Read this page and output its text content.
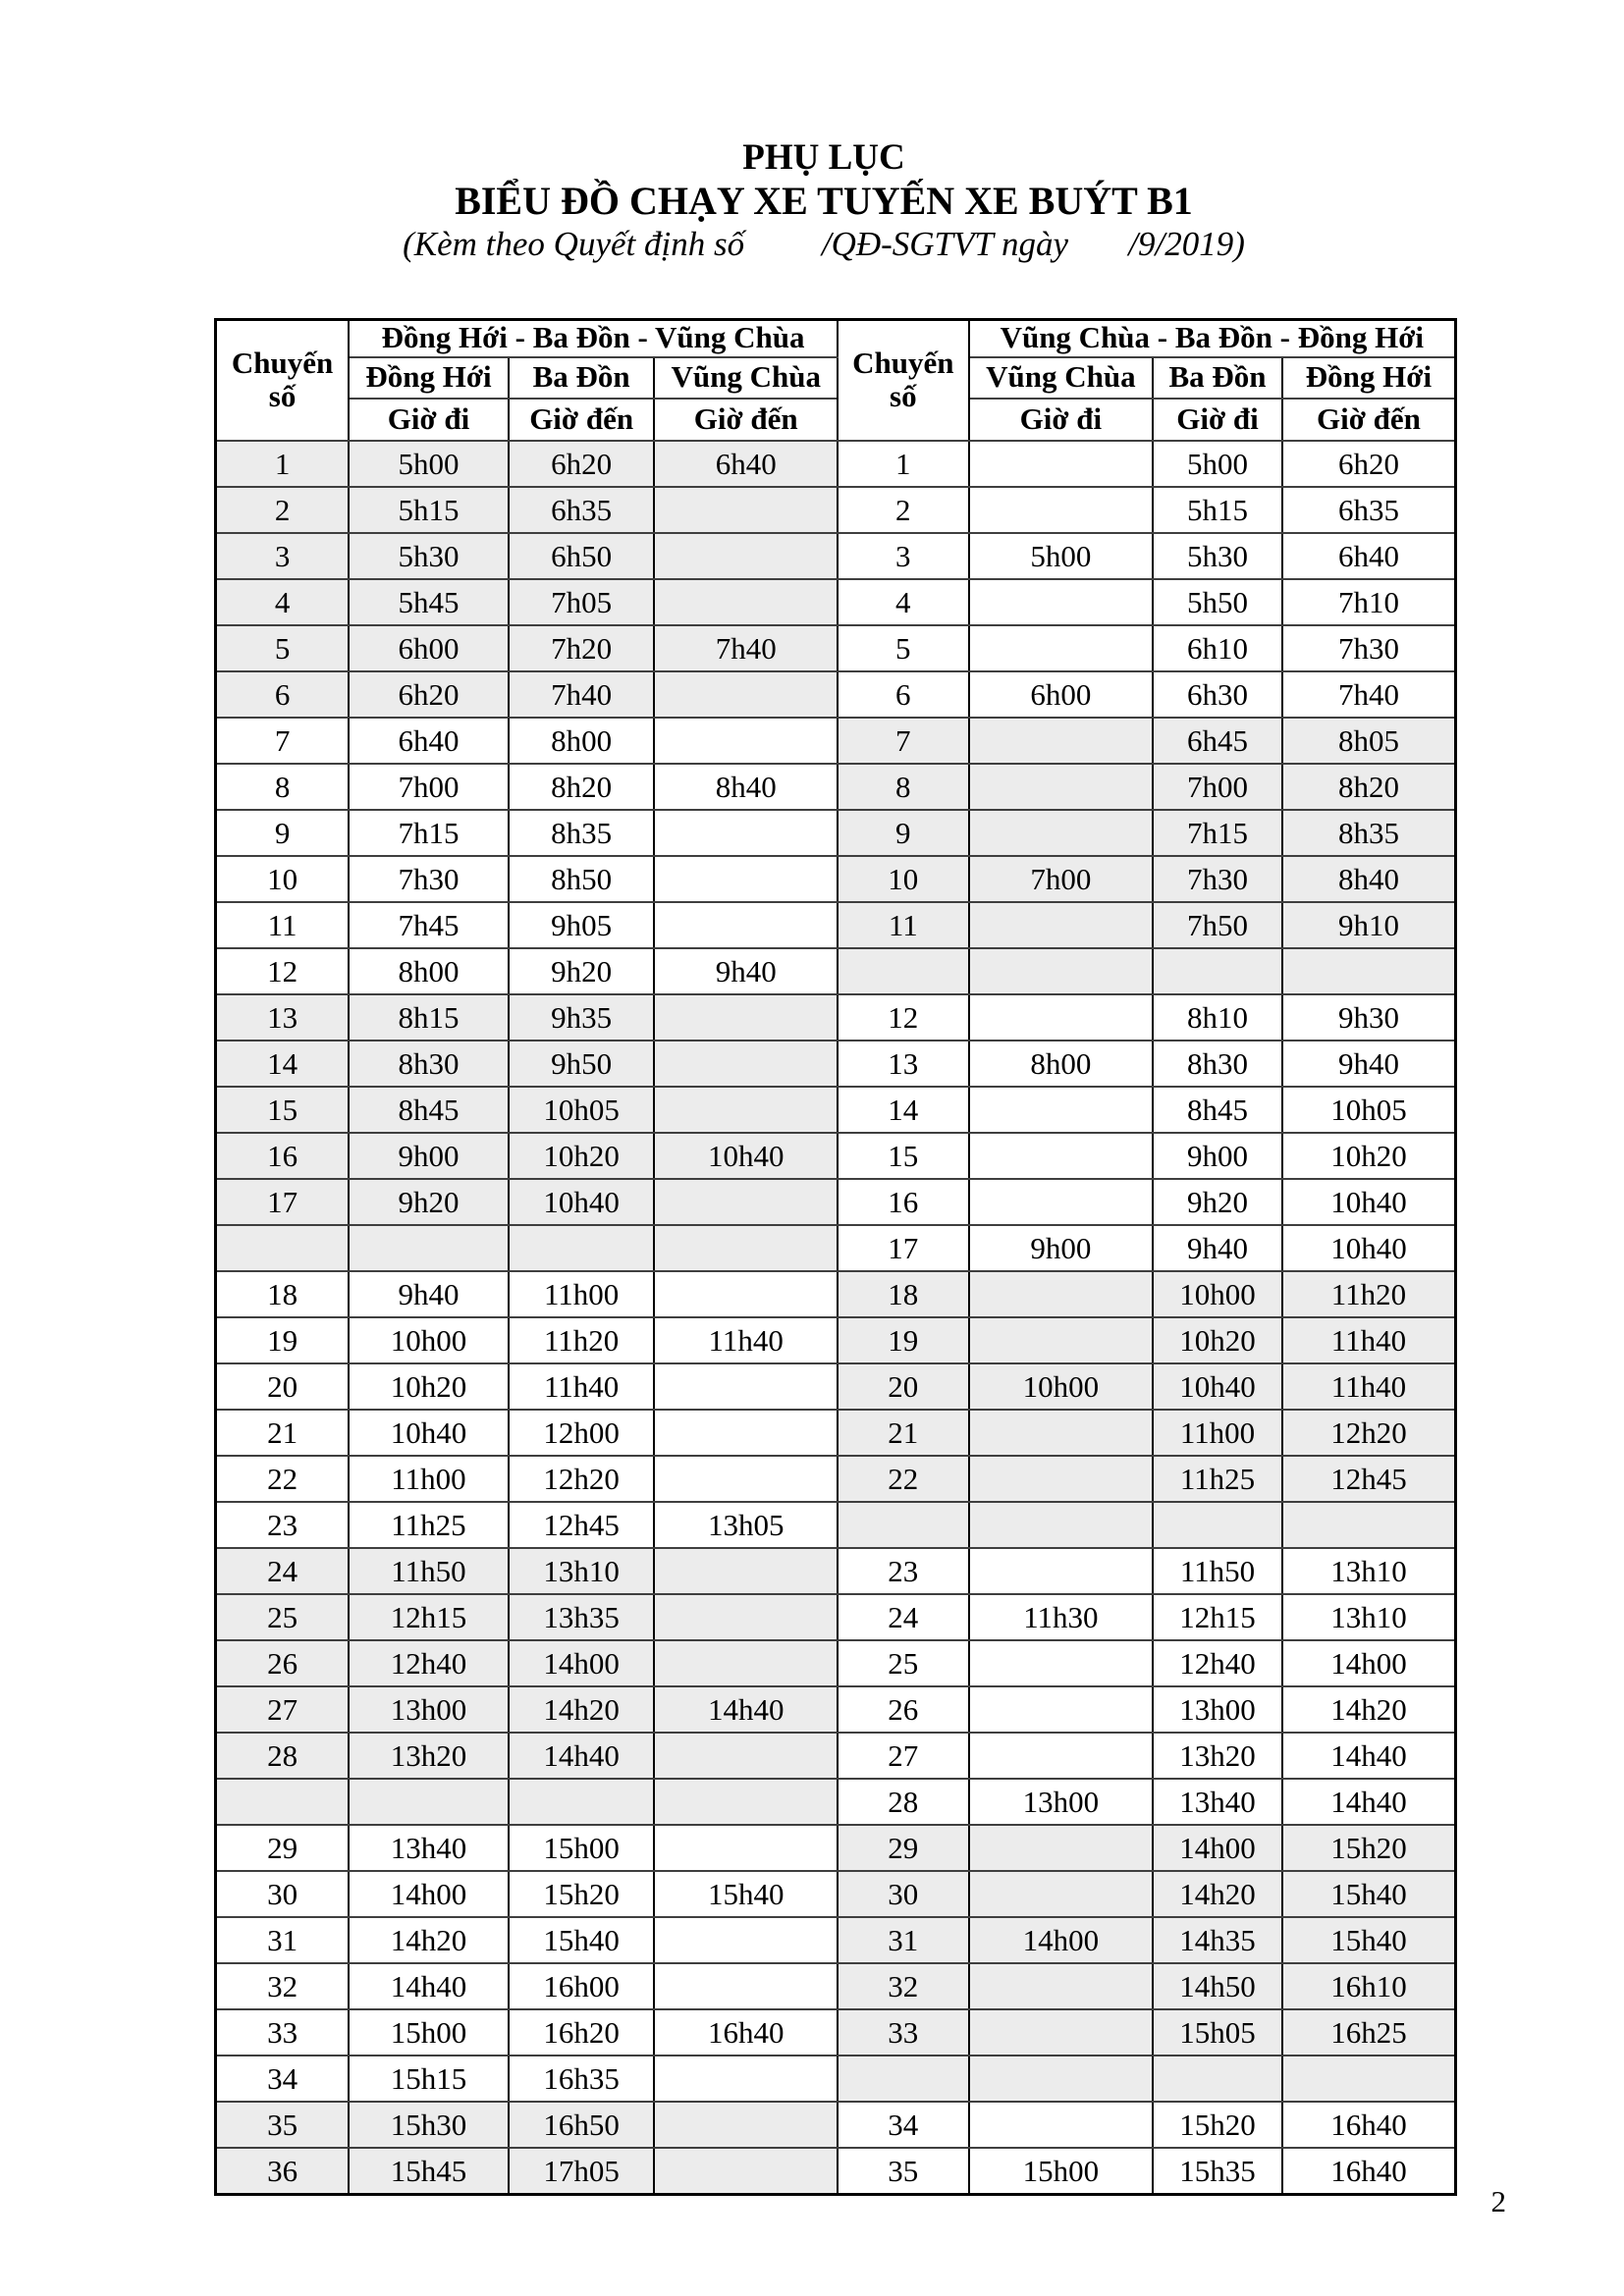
PHỤ LỤC
BIỂU ĐỒ CHẠY XE TUYẾN XE BUÝT B1
(Kèm theo Quyết định số         /QĐ-SGTVT ngày       /9/2019)
Chuyến số	Đồng Hới - Ba Đồn - Vũng Chùa			Chuyến số	Vũng Chùa - Ba Đồn - Đồng Hới		
	Đồng Hới	Ba Đồn	Vũng Chùa		Vũng Chùa	Ba Đồn	Đồng Hới
	Giờ đi	Giờ đến	Giờ đến		Giờ đi	Giờ đi	Giờ đến
1	5h00	6h20	6h40	1		5h00	6h20
2	5h15	6h35		2		5h15	6h35
3	5h30	6h50		3	5h00	5h30	6h40
4	5h45	7h05		4		5h50	7h10
5	6h00	7h20	7h40	5		6h10	7h30
6	6h20	7h40		6	6h00	6h30	7h40
7	6h40	8h00		7		6h45	8h05
8	7h00	8h20	8h40	8		7h00	8h20
9	7h15	8h35		9		7h15	8h35
10	7h30	8h50		10	7h00	7h30	8h40
11	7h45	9h05		11		7h50	9h10
12	8h00	9h20	9h40				
13	8h15	9h35		12		8h10	9h30
14	8h30	9h50		13	8h00	8h30	9h40
15	8h45	10h05		14		8h45	10h05
16	9h00	10h20	10h40	15		9h00	10h20
17	9h20	10h40		16		9h20	10h40
				17	9h00	9h40	10h40
18	9h40	11h00		18		10h00	11h20
19	10h00	11h20	11h40	19		10h20	11h40
20	10h20	11h40		20	10h00	10h40	11h40
21	10h40	12h00		21		11h00	12h20
22	11h00	12h20		22		11h25	12h45
23	11h25	12h45	13h05				
24	11h50	13h10		23		11h50	13h10
25	12h15	13h35		24	11h30	12h15	13h10
26	12h40	14h00		25		12h40	14h00
27	13h00	14h20	14h40	26		13h00	14h20
28	13h20	14h40		27		13h20	14h40
				28	13h00	13h40	14h40
29	13h40	15h00		29		14h00	15h20
30	14h00	15h20	15h40	30		14h20	15h40
31	14h20	15h40		31	14h00	14h35	15h40
32	14h40	16h00		32		14h50	16h10
33	15h00	16h20	16h40	33		15h05	16h25
34	15h15	16h35					
35	15h30	16h50		34		15h20	16h40
36	15h45	17h05		35	15h00	15h35	16h40
2
